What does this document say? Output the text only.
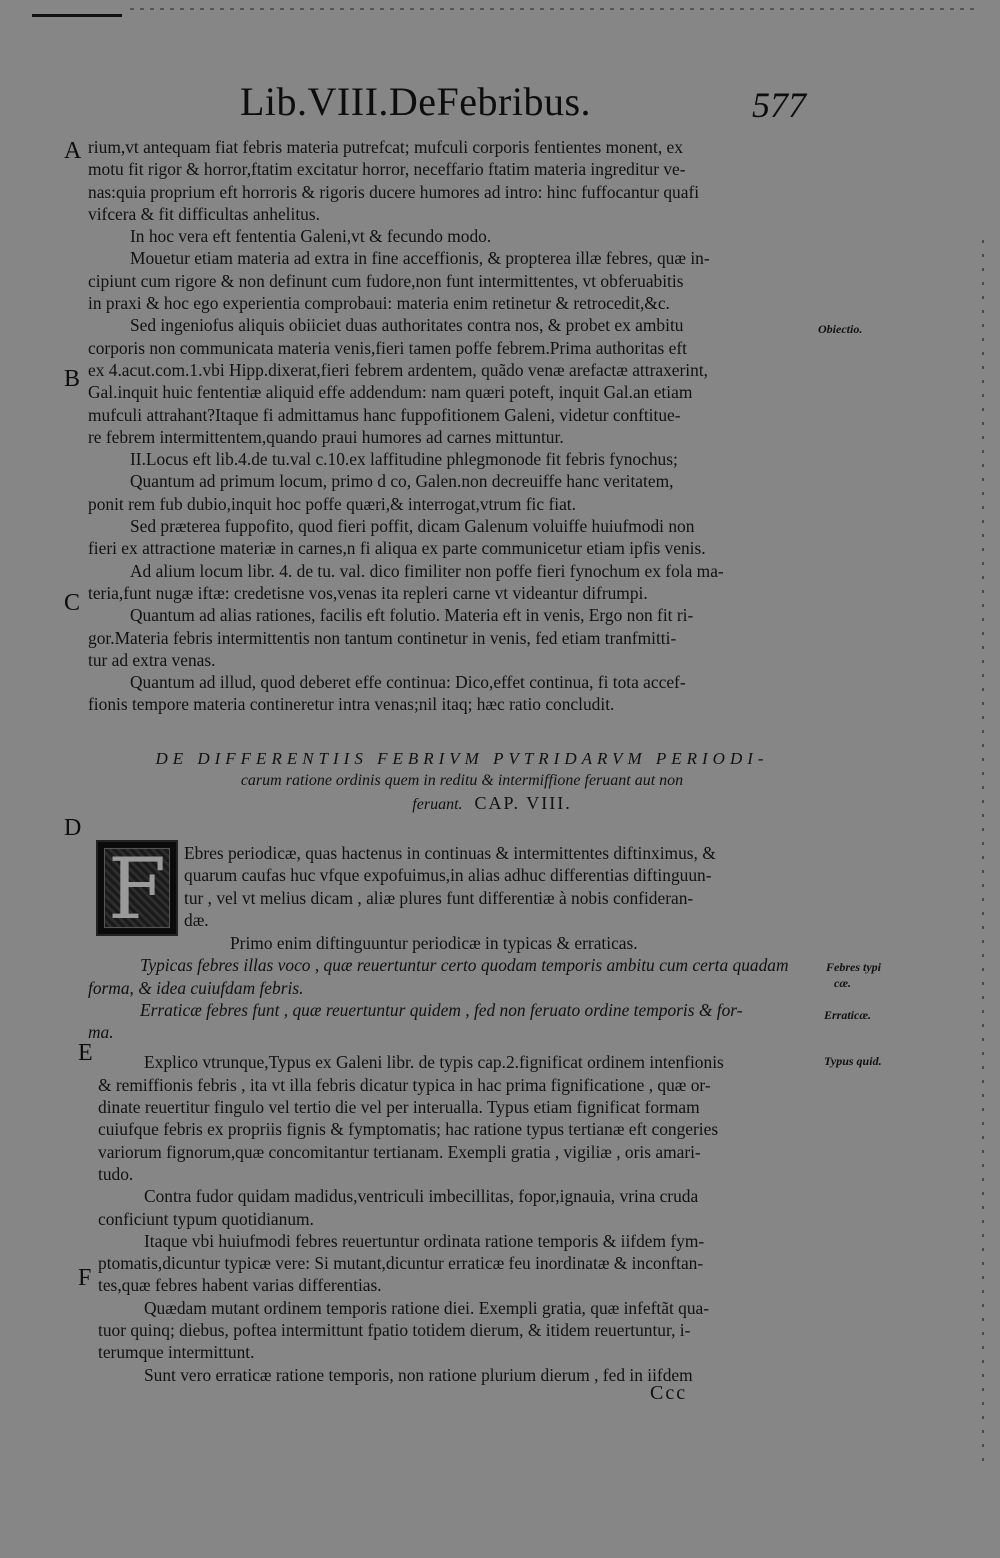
Lib.VIII.DeFebribus.	577
A
B
C
D
E
F
Obiectio.
Febres typi
cæ.
Erraticæ.
Typus quid.
rium,vt antequam fiat febris materia putrefcat; mufculi corporis fentientes monent, ex
motu fit rigor & horror,ftatim excitatur horror, neceffario ftatim materia ingreditur ve-
nas:quia proprium eft horroris & rigoris ducere humores ad intro: hinc fuffocantur quafi
vifcera & fit difficultas anhelitus.
In hoc vera eft fententia Galeni,vt & fecundo modo.
Mouetur etiam materia ad extra in fine acceffionis, & propterea illæ febres, quæ in-
cipiunt cum rigore & non definunt cum fudore,non funt intermittentes, vt obferuabitis
in praxi & hoc ego experientia comprobaui: materia enim retinetur & retrocedit,&c.
Sed ingeniofus aliquis obiiciet duas authoritates contra nos, & probet ex ambitu
corporis non communicata materia venis,fieri tamen poffe febrem.Prima authoritas eft
ex 4.acut.com.1.vbi Hipp.dixerat,fieri febrem ardentem, quãdo venæ arefactæ attraxerint,
Gal.inquit huic fententiæ aliquid effe addendum: nam quæri poteft, inquit Gal.an etiam
mufculi attrahant?Itaque fi admittamus hanc fuppofitionem Galeni, videtur conftitue-
re febrem intermittentem,quando praui humores ad carnes mittuntur.
II.Locus eft lib.4.de tu.val c.10.ex laffitudine phlegmonode fit febris fynochus;
Quantum ad primum locum, primo d co, Galen.non decreuiffe hanc veritatem,
ponit rem fub dubio,inquit hoc poffe quæri,& interrogat,vtrum fic fiat.
Sed præterea fuppofito, quod fieri poffit, dicam Galenum voluiffe huiufmodi non
fieri ex attractione materiæ in carnes,n fi aliqua ex parte communicetur etiam ipfis venis.
Ad alium locum libr. 4. de tu. val. dico fimiliter non poffe fieri fynochum ex fola ma-
teria,funt nugæ iftæ: credetisne vos,venas ita repleri carne vt videantur difrumpi.
Quantum ad alias rationes, facilis eft folutio. Materia eft in venis, Ergo non fit ri-
gor.Materia febris intermittentis non tantum continetur in venis, fed etiam tranfmitti-
tur ad extra venas.
Quantum ad illud, quod deberet effe continua: Dico,effet continua, fi tota accef-
fionis tempore materia contineretur intra venas;nil itaq; hæc ratio concludit.
DE DIFFERENTIIS FEBRIVM PVTRIDARVM PERIODI-
carum ratione ordinis quem in reditu & intermiffione feruant aut non
feruant. CAP. VIII.
F	Ebres periodicæ, quas hactenus in continuas & intermittentes diftinximus, &
quarum caufas huc vfque expofuimus,in alias adhuc differentias diftinguun-
tur , vel vt melius dicam , aliæ plures funt differentiæ à nobis confideran-
dæ.
Primo enim diftinguuntur periodicæ in typicas & erraticas.
Typicas febres illas voco , quæ reuertuntur certo quodam temporis ambitu cum certa quadam
forma, & idea cuiufdam febris.
Erraticæ febres funt , quæ reuertuntur quidem , fed non feruato ordine temporis & for-
ma.
Explico vtrunque,Typus ex Galeni libr. de typis cap.2.fignificat ordinem intenfionis
& remiffionis febris , ita vt illa febris dicatur typica in hac prima fignificatione , quæ or-
dinate reuertitur fingulo vel tertio die vel per interualla. Typus etiam fignificat formam
cuiufque febris ex propriis fignis & fymptomatis; hac ratione typus tertianæ eft congeries
variorum fignorum,quæ concomitantur tertianam. Exempli gratia , vigiliæ , oris amari-
tudo.
Contra fudor quidam madidus,ventriculi imbecillitas, fopor,ignauia, vrina cruda
conficiunt typum quotidianum.
Itaque vbi huiufmodi febres reuertuntur ordinata ratione temporis & iifdem fym-
ptomatis,dicuntur typicæ vere: Si mutant,dicuntur erraticæ feu inordinatæ & inconftan-
tes,quæ febres habent varias differentias.
Quædam mutant ordinem temporis ratione diei. Exempli gratia, quæ infeftãt qua-
tuor quinq; diebus, poftea intermittunt fpatio totidem dierum, & itidem reuertuntur, i-
terumque intermittunt.
Sunt vero erraticæ ratione temporis, non ratione plurium dierum , fed in iifdem
Ccc
